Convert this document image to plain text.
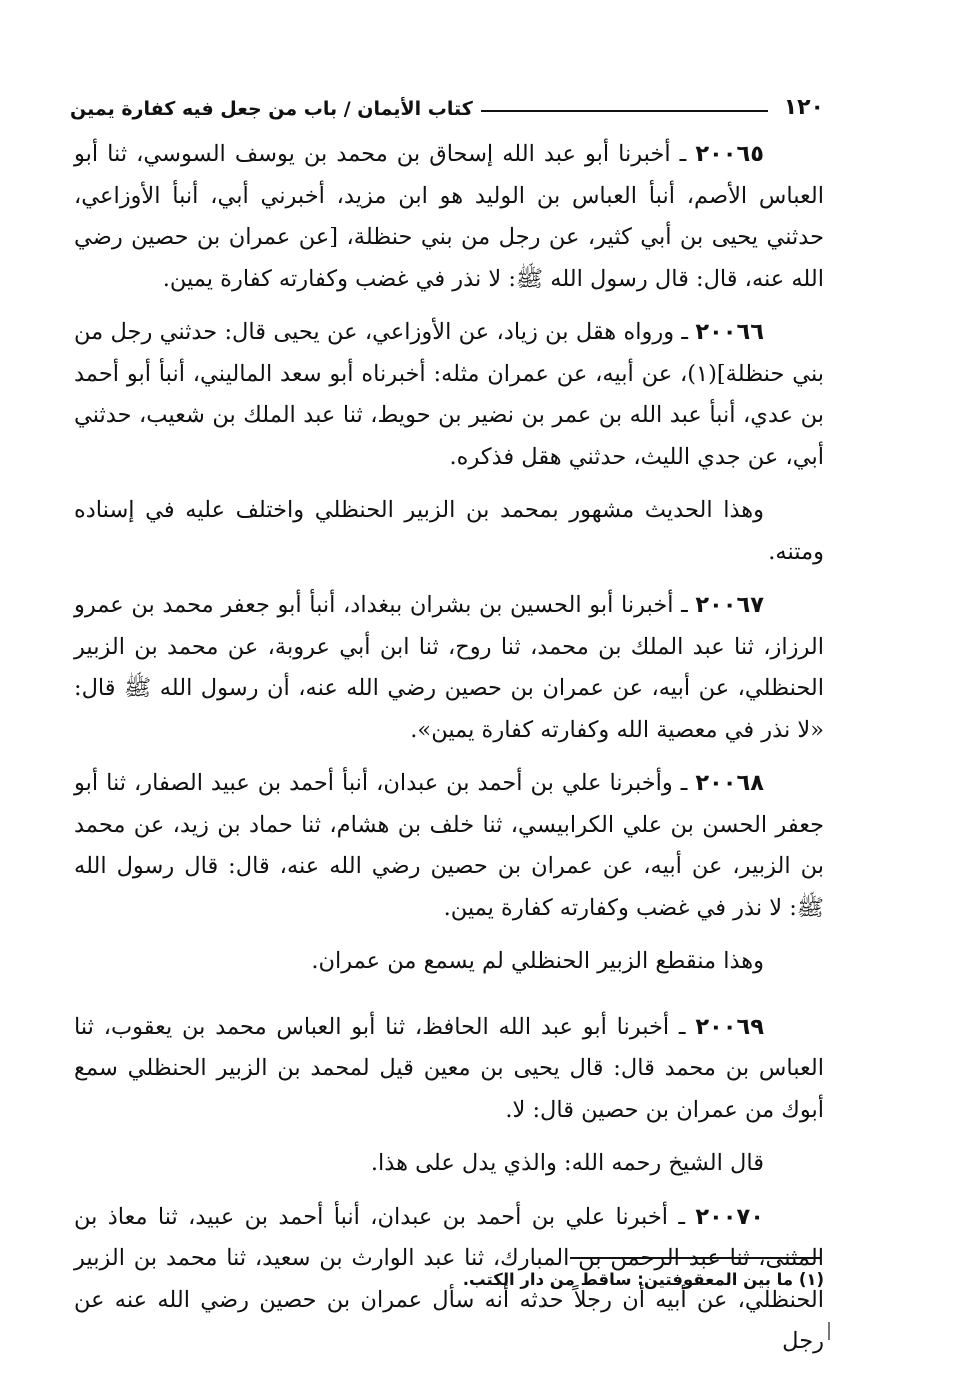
١٢٠
كتاب الأيمان / باب من جعل فيه كفارة يمين

٢٠٠٦٥ ـ أخبرنا أبو عبد الله إسحاق بن محمد بن يوسف السوسي، ثنا أبو العباس الأصم، أنبأ العباس بن الوليد هو ابن مزيد، أخبرني أبي، أنبأ الأوزاعي، حدثني يحيى بن أبي كثير، عن رجل من بني حنظلة، [عن عمران بن حصين رضي الله عنه، قال: قال رسول الله ﷺ: لا نذر في غضب وكفارته كفارة يمين.

٢٠٠٦٦ ـ ورواه هقل بن زياد، عن الأوزاعي، عن يحيى قال: حدثني رجل من بني حنظلة](١)، عن أبيه، عن عمران مثله: أخبرناه أبو سعد الماليني، أنبأ أبو أحمد بن عدي، أنبأ عبد الله بن عمر بن نضير بن حويط، ثنا عبد الملك بن شعيب، حدثني أبي، عن جدي الليث، حدثني هقل فذكره.

وهذا الحديث مشهور بمحمد بن الزبير الحنظلي واختلف عليه في إسناده ومتنه.

٢٠٠٦٧ ـ أخبرنا أبو الحسين بن بشران ببغداد، أنبأ أبو جعفر محمد بن عمرو الرزاز، ثنا عبد الملك بن محمد، ثنا روح، ثنا ابن أبي عروبة، عن محمد بن الزبير الحنظلي، عن أبيه، عن عمران بن حصين رضي الله عنه، أن رسول الله ﷺ قال: «لا نذر في معصية الله وكفارته كفارة يمين».

٢٠٠٦٨ ـ وأخبرنا علي بن أحمد بن عبدان، أنبأ أحمد بن عبيد الصفار، ثنا أبو جعفر الحسن بن علي الكرابيسي، ثنا خلف بن هشام، ثنا حماد بن زيد، عن محمد بن الزبير، عن أبيه، عن عمران بن حصين رضي الله عنه، قال: قال رسول الله ﷺ: لا نذر في غضب وكفارته كفارة يمين.

وهذا منقطع الزبير الحنظلي لم يسمع من عمران.

٢٠٠٦٩ ـ أخبرنا أبو عبد الله الحافظ، ثنا أبو العباس محمد بن يعقوب، ثنا العباس بن محمد قال: قال يحيى بن معين قيل لمحمد بن الزبير الحنظلي سمع أبوك من عمران بن حصين قال: لا.

قال الشيخ رحمه الله: والذي يدل على هذا.

٢٠٠٧٠ ـ أخبرنا علي بن أحمد بن عبدان، أنبأ أحمد بن عبيد، ثنا معاذ بن المثنى، ثنا عبد الرحمن بن المبارك، ثنا عبد الوارث بن سعيد، ثنا محمد بن الزبير الحنظلي، عن أبيه أن رجلاً حدثه أنه سأل عمران بن حصين رضي الله عنه عن رجل

(١) ما بين المعقوفتين: ساقط من دار الكتب.
